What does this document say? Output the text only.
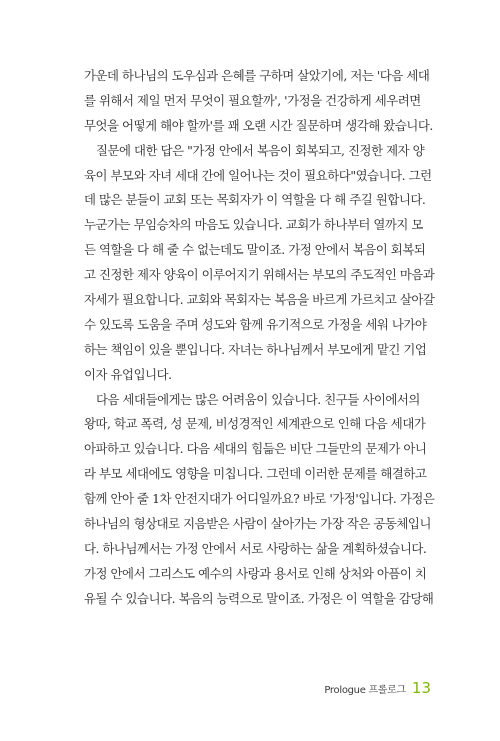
가운데 하나님의 도우심과 은혜를 구하며 살았기에, 저는 '다음 세대
를 위해서 제일 먼저 무엇이 필요할까', '가정을 건강하게 세우려면
무엇을 어떻게 해야 할까'를 꽤 오랜 시간 질문하며 생각해 왔습니다.
질문에 대한 답은 "가정 안에서 복음이 회복되고, 진정한 제자 양
육이 부모와 자녀 세대 간에 일어나는 것이 필요하다"였습니다. 그런
데 많은 분들이 교회 또는 목회자가 이 역할을 다 해 주길 원합니다.
누군가는 무임승차의 마음도 있습니다. 교회가 하나부터 열까지 모
든 역할을 다 해 줄 수 없는데도 말이죠. 가정 안에서 복음이 회복되
고 진정한 제자 양육이 이루어지기 위해서는 부모의 주도적인 마음과
자세가 필요합니다. 교회와 목회자는 복음을 바르게 가르치고 살아갈
수 있도록 도움을 주며 성도와 함께 유기적으로 가정을 세워 나가야
하는 책임이 있을 뿐입니다. 자녀는 하나님께서 부모에게 맡긴 기업
이자 유업입니다.
다음 세대들에게는 많은 어려움이 있습니다. 친구들 사이에서의
왕따, 학교 폭력, 성 문제, 비성경적인 세계관으로 인해 다음 세대가
아파하고 있습니다. 다음 세대의 힘듦은 비단 그들만의 문제가 아니
라 부모 세대에도 영향을 미칩니다. 그런데 이러한 문제를 해결하고
함께 안아 줄 1차 안전지대가 어디일까요? 바로 '가정'입니다. 가정은
하나님의 형상대로 지음받은 사람이 살아가는 가장 작은 공동체입니
다. 하나님께서는 가정 안에서 서로 사랑하는 삶을 계획하셨습니다.
가정 안에서 그리스도 예수의 사랑과 용서로 인해 상처와 아픔이 치
유될 수 있습니다. 복음의 능력으로 말이죠. 가정은 이 역할을 감당해
Prologue 프롤로그 13
